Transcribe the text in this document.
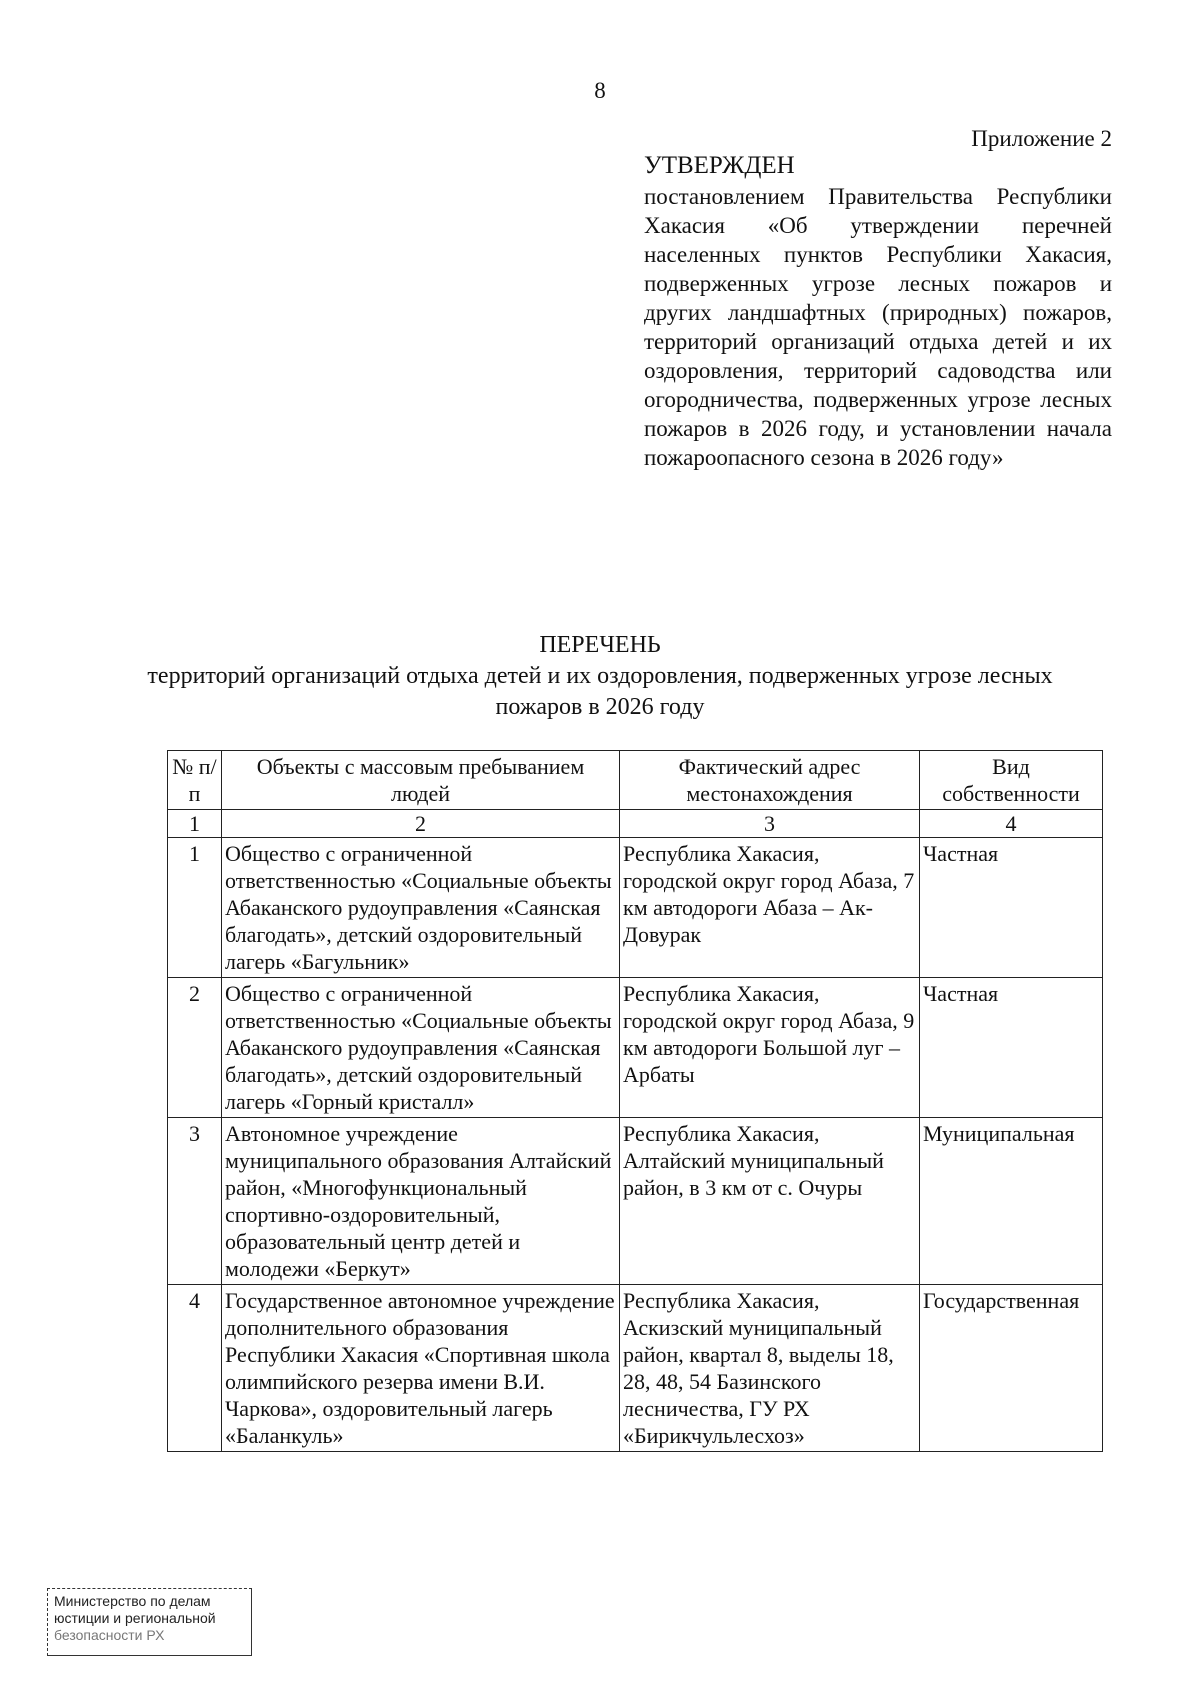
8
Приложение 2
УТВЕРЖДЕН
постановлением Правительства Республики Хакасия «Об утверждении перечней населенных пунктов Республики Хакасия, подверженных угрозе лесных пожаров и других ландшафтных (природных) пожаров, территорий организаций отдыха детей и их оздоровления, территорий садоводства или огородничества, подверженных угрозе лесных пожаров в 2026 году, и установлении начала пожароопасного сезона в 2026 году»
ПЕРЕЧЕНЬ
территорий организаций отдыха детей и их оздоровления, подверженных угрозе лесных пожаров в 2026 году
№ п/п	Объекты с массовым пребыванием людей	Фактический адрес местонахождения	Вид собственности
1	2	3	4
1	Общество с ограниченной ответственностью «Социальные объекты Абаканского рудоуправления «Саянская благодать», детский оздоровительный лагерь «Багульник»	Республика Хакасия, городской округ город Абаза, 7 км автодороги Абаза – Ак-Довурак	Частная
2	Общество с ограниченной ответственностью «Социальные объекты Абаканского рудоуправления «Саянская благодать», детский оздоровительный лагерь «Горный кристалл»	Республика Хакасия, городской округ город Абаза, 9 км автодороги Большой луг – Арбаты	Частная
3	Автономное учреждение муниципального образования Алтайский район, «Многофункциональный спортивно-оздоровительный, образовательный центр детей и молодежи «Беркут»	Республика Хакасия, Алтайский муниципальный район, в 3 км от с. Очуры	Муниципальная
4	Государственное автономное учреждение дополнительного образования Республики Хакасия «Спортивная школа олимпийского резерва имени В.И. Чаркова», оздоровительный лагерь «Баланкуль»	Республика Хакасия, Аскизский муниципальный район, квартал 8, выделы 18, 28, 48, 54 Базинского лесничества, ГУ РХ «Бирикчульлесхоз»	Государственная
Министерство по делам
юстиции и региональной
безопасности РХ
